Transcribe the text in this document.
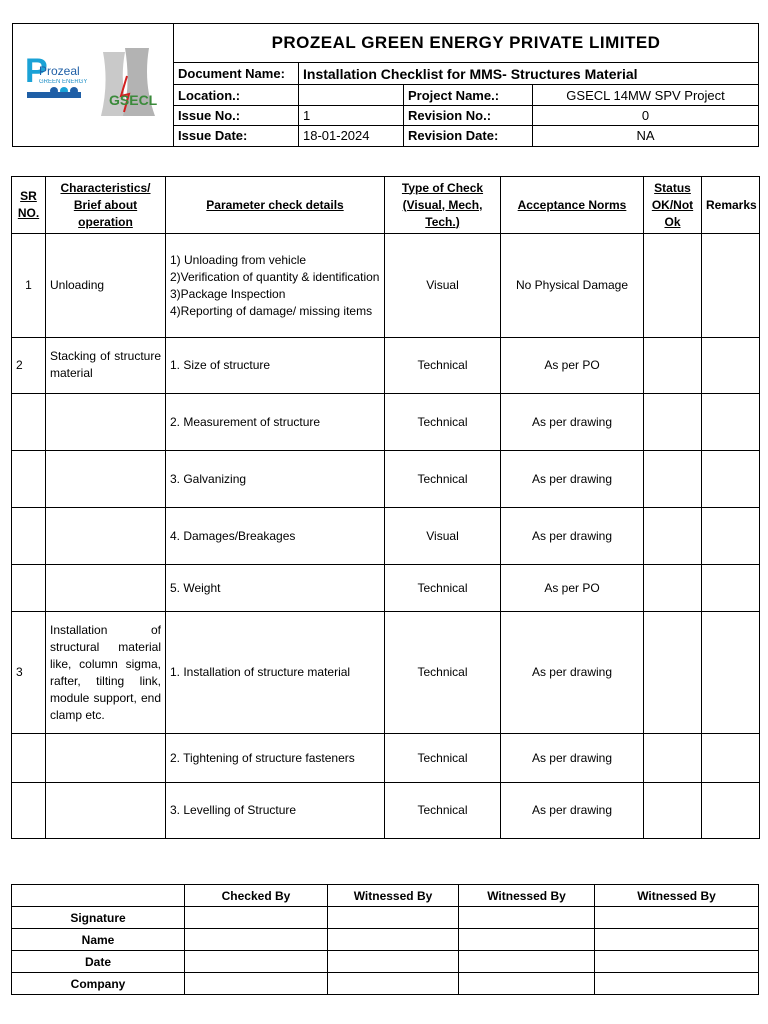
P
Prozeal
GREEN ENERGY
GSECL	PROZEAL GREEN ENERGY PRIVATE LIMITED			
	Document Name:	Installation Checklist for MMS- Structures Material		
	Location.:		Project Name.:	GSECL 14MW SPV Project
	Issue No.:	1	Revision No.:	0
	Issue Date:	18-01-2024	Revision Date:	NA
SR
NO.	Characteristics/
Brief about
operation	Parameter check details	Type of Check
(Visual, Mech,
Tech.)	Acceptance Norms	Status
OK/Not
Ok	Remarks
1	Unloading	1) Unloading from vehicle
2)Verification of quantity & identification
3)Package Inspection
4)Reporting of damage/ missing items	Visual	No Physical Damage		
2	Stacking of structure material	1. Size of structure	Technical	As per PO		

		2. Measurement of structure	Technical	As per drawing		

		3. Galvanizing	Technical	As per drawing		

		4. Damages/Breakages	Visual	As per drawing		

		5. Weight	Technical	As per PO		
3	Installation of structural material like, column sigma, rafter, tilting link, module support, end clamp etc.	1. Installation of structure material	Technical	As per drawing		

		2. Tightening of structure fasteners	Technical	As per drawing		

		3. Levelling of Structure	Technical	As per drawing		
	Checked By	Witnessed By	Witnessed By	Witnessed By
Signature				
Name				
Date				
Company				
